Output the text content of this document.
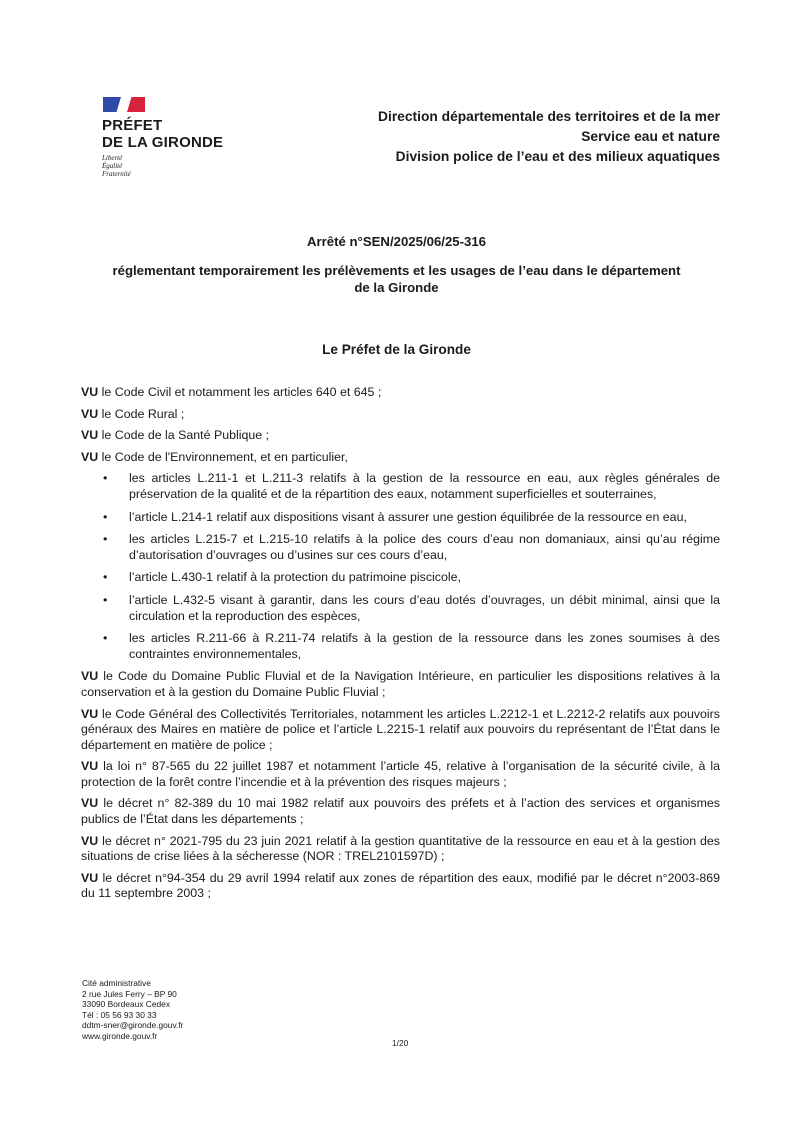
PRÉFET
DE LA GIRONDE
Liberté
Égalité
Fraternité
Direction départementale des territoires et de la mer
Service eau et nature
Division police de l’eau et des milieux aquatiques
Arrêté n°SEN/2025/06/25-316
réglementant temporairement les prélèvements et les usages de l’eau dans le département
de la Gironde
Le Préfet de la Gironde

VU le Code Civil et notamment les articles 640 et 645 ;

VU le Code Rural ;

VU le Code de la Santé Publique ;

VU le Code de l'Environnement, et en particulier,

• les articles L.211-1 et L.211-3 relatifs à la gestion de la ressource en eau, aux règles générales de préservation de la qualité et de la répartition des eaux, notamment superficielles et souterraines,
• l’article L.214-1 relatif aux dispositions visant à assurer une gestion équilibrée de la ressource en eau,
• les articles L.215-7 et L.215-10 relatifs à la police des cours d’eau non domaniaux, ainsi qu’au régime d’autorisation d’ouvrages ou d’usines sur ces cours d’eau,
• l’article L.430-1 relatif à la protection du patrimoine piscicole,
• l’article L.432-5 visant à garantir, dans les cours d’eau dotés d’ouvrages, un débit minimal, ainsi que la circulation et la reproduction des espèces,
• les articles R.211-66 à R.211-74 relatifs à la gestion de la ressource dans les zones soumises à des contraintes environnementales,

VU le Code du Domaine Public Fluvial et de la Navigation Intérieure, en particulier les dispositions relatives à la conservation et à la gestion du Domaine Public Fluvial ;

VU le Code Général des Collectivités Territoriales, notamment les articles L.2212-1 et L.2212-2 relatifs aux pouvoirs généraux des Maires en matière de police et l’article L.2215-1 relatif aux pouvoirs du représentant de l’État dans le département en matière de police ;

VU la loi n° 87-565 du 22 juillet 1987 et notamment l’article 45, relative à l’organisation de la sécurité civile, à la protection de la forêt contre l’incendie et à la prévention des risques majeurs ;

VU le décret n° 82-389 du 10 mai 1982 relatif aux pouvoirs des préfets et à l’action des services et organismes publics de l’État dans les départements ;

VU le décret n° 2021-795 du 23 juin 2021 relatif à la gestion quantitative de la ressource en eau et à la gestion des situations de crise liées à la sécheresse (NOR : TREL2101597D) ;

VU le décret n°94-354 du 29 avril 1994 relatif aux zones de répartition des eaux, modifié par le décret n°2003-869 du 11 septembre 2003 ;

Cité administrative
2 rue Jules Ferry – BP 90
33090 Bordeaux Cedex
Tél : 05 56 93 30 33
ddtm-sner@gironde.gouv.fr
www.gironde.gouv.fr
1/20
